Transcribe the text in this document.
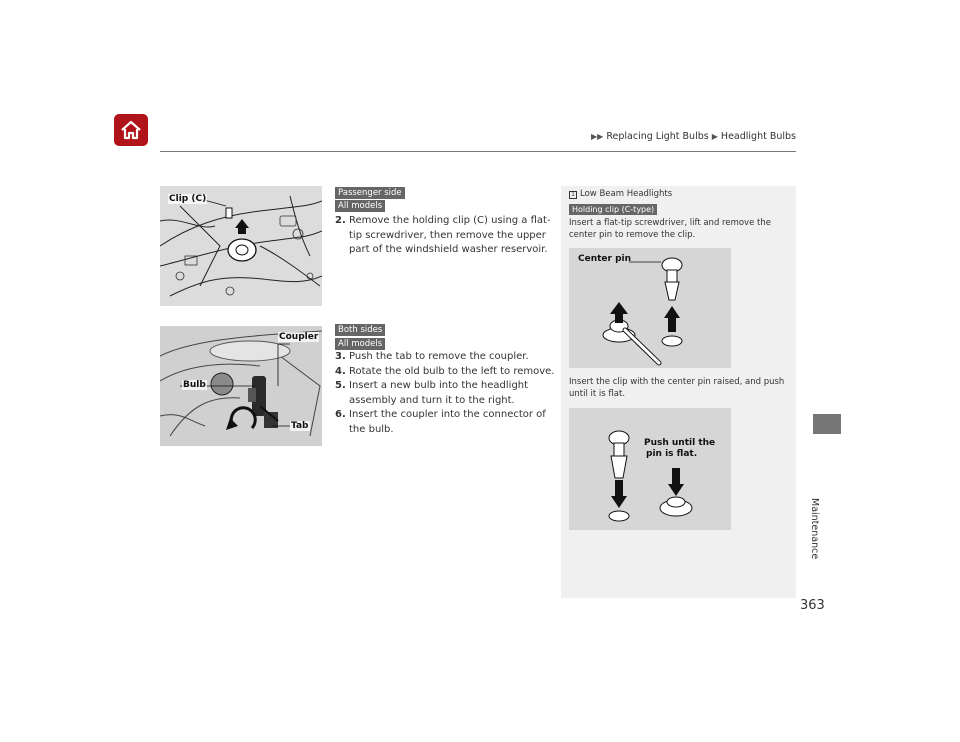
▶▶ Replacing Light Bulbs ▶ Headlight Bulbs
Maintenance
363
Clip (C)
Coupler
Bulb
Tab
Passenger side
All models
2. Remove the holding clip (C) using a flat-tip screwdriver, then remove the upper part of the windshield washer reservoir.
Both sides
All models
3. Push the tab to remove the coupler.
4. Rotate the old bulb to the left to remove.
5. Insert a new bulb into the headlight assembly and turn it to the right.
6. Insert the coupler into the connector of the bulb.
1 Low Beam Headlights
Holding clip (C-type)
Insert a flat-tip screwdriver, lift and remove the center pin to remove the clip.
Center pin
Insert the clip with the center pin raised, and push until it is flat.
Push until the
pin is flat.
